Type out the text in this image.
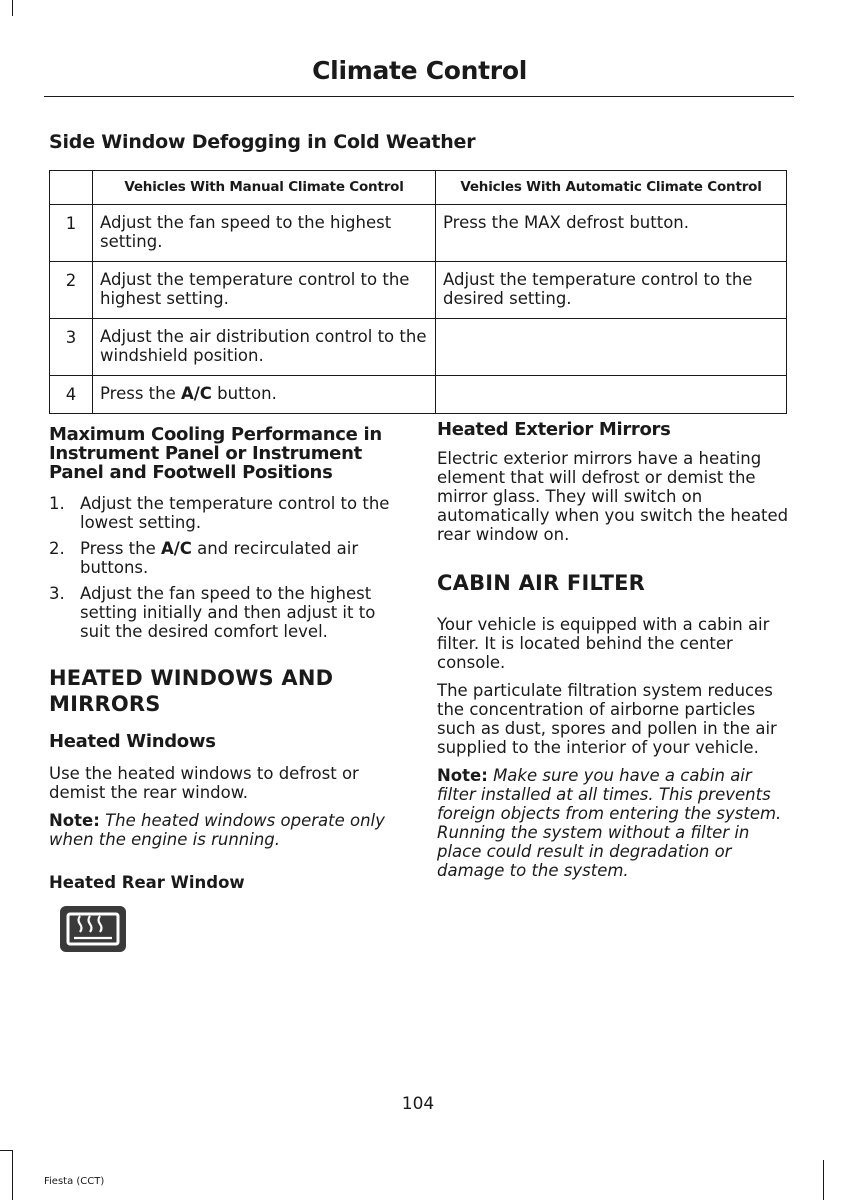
Climate Control
Side Window Defogging in Cold Weather
	Vehicles With Manual Climate Control	Vehicles With Automatic Climate Control
1	Adjust the fan speed to the highest setting.	Press the MAX defrost button.
2	Adjust the temperature control to the highest setting.	Adjust the temperature control to the desired setting.
3	Adjust the air distribution control to the windshield position.	
4	Press the A/C button.	
Maximum Cooling Performance in Instrument Panel or Instrument Panel and Footwell Positions
1. Adjust the temperature control to the lowest setting.
2. Press the A/C and recirculated air buttons.
3. Adjust the fan speed to the highest setting initially and then adjust it to suit the desired comfort level.
HEATED WINDOWS AND MIRRORS
Heated Windows

Use the heated windows to defrost or demist the rear window.

Note: The heated windows operate only when the engine is running.

Heated Rear Window

Heated Exterior Mirrors

Electric exterior mirrors have a heating element that will defrost or demist the mirror glass. They will switch on automatically when you switch the heated rear window on.

CABIN AIR FILTER

Your vehicle is equipped with a cabin air filter. It is located behind the center console.

The particulate filtration system reduces the concentration of airborne particles such as dust, spores and pollen in the air supplied to the interior of your vehicle.

Note: Make sure you have a cabin air filter installed at all times. This prevents foreign objects from entering the system. Running the system without a filter in place could result in degradation or damage to the system.

104
Fiesta (CCT)
